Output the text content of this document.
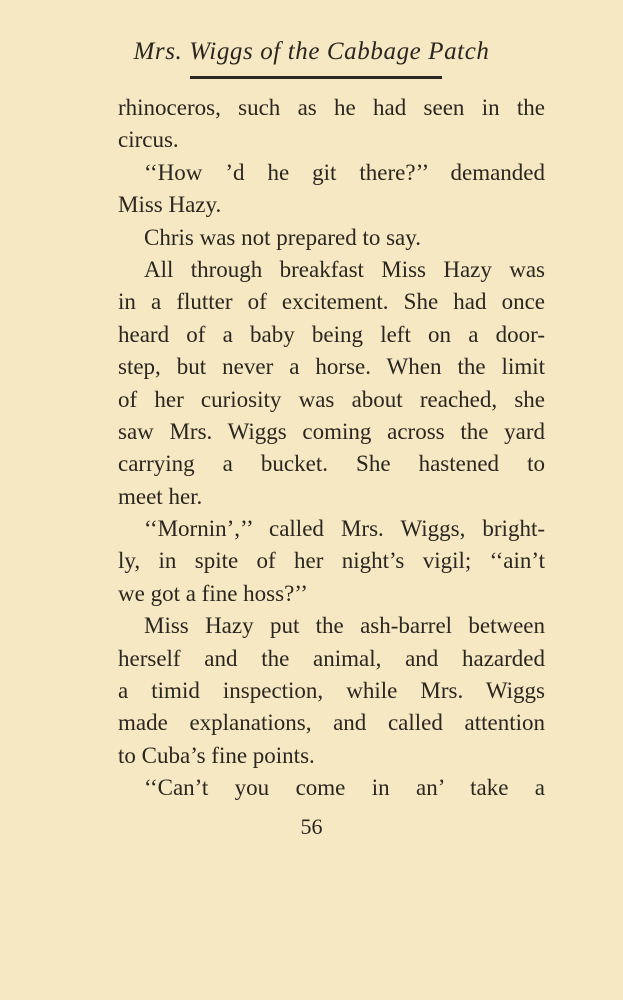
Mrs. Wiggs of the Cabbage Patch
rhinoceros, such as he had seen in the
circus.
‘‘How ’d he git there?’’ demanded
Miss Hazy.
Chris was not prepared to say.
All through breakfast Miss Hazy was
in a flutter of excitement. She had once
heard of a baby being left on a door-
step, but never a horse. When the limit
of her curiosity was about reached, she
saw Mrs. Wiggs coming across the yard
carrying a bucket. She hastened to
meet her.
‘‘Mornin’,’’ called Mrs. Wiggs, bright-
ly, in spite of her night’s vigil; ‘‘ain’t
we got a fine hoss?’’
Miss Hazy put the ash-barrel between
herself and the animal, and hazarded
a timid inspection, while Mrs. Wiggs
made explanations, and called attention
to Cuba’s fine points.
‘‘Can’t you come in an’ take a
56
